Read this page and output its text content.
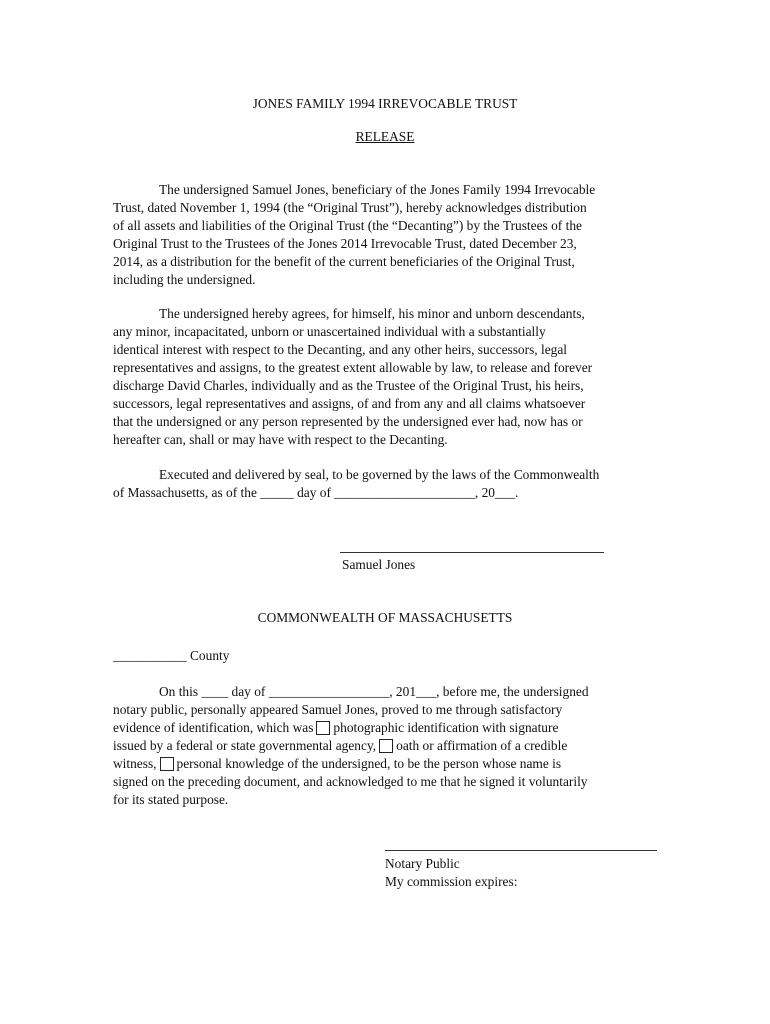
JONES FAMILY 1994 IRREVOCABLE TRUST
RELEASE
The undersigned Samuel Jones, beneficiary of the Jones Family 1994 Irrevocable
Trust, dated November 1, 1994 (the “Original Trust”), hereby acknowledges distribution
of all assets and liabilities of the Original Trust (the “Decanting”) by the Trustees of the
Original Trust to the Trustees of the Jones 2014 Irrevocable Trust, dated December 23,
2014, as a distribution for the benefit of the current beneficiaries of the Original Trust,
including the undersigned.
The undersigned hereby agrees, for himself, his minor and unborn descendants,
any minor, incapacitated, unborn or unascertained individual with a substantially
identical interest with respect to the Decanting, and any other heirs, successors, legal
representatives and assigns, to the greatest extent allowable by law, to release and forever
discharge David Charles, individually and as the Trustee of the Original Trust, his heirs,
successors, legal representatives and assigns, of and from any and all claims whatsoever
that the undersigned or any person represented by the undersigned ever had, now has or
hereafter can, shall or may have with respect to the Decanting.
Executed and delivered by seal, to be governed by the laws of the Commonwealth
of Massachusetts, as of the _____ day of _____________________, 20___.
Samuel Jones
COMMONWEALTH OF MASSACHUSETTS
___________ County
On this ____ day of __________________, 201___, before me, the undersigned
notary public, personally appeared Samuel Jones, proved to me through satisfactory
evidence of identification, which was photographic identification with signature
issued by a federal or state governmental agency, oath or affirmation of a credible
witness, personal knowledge of the undersigned, to be the person whose name is
signed on the preceding document, and acknowledged to me that he signed it voluntarily
for its stated purpose.
Notary Public
My commission expires:
